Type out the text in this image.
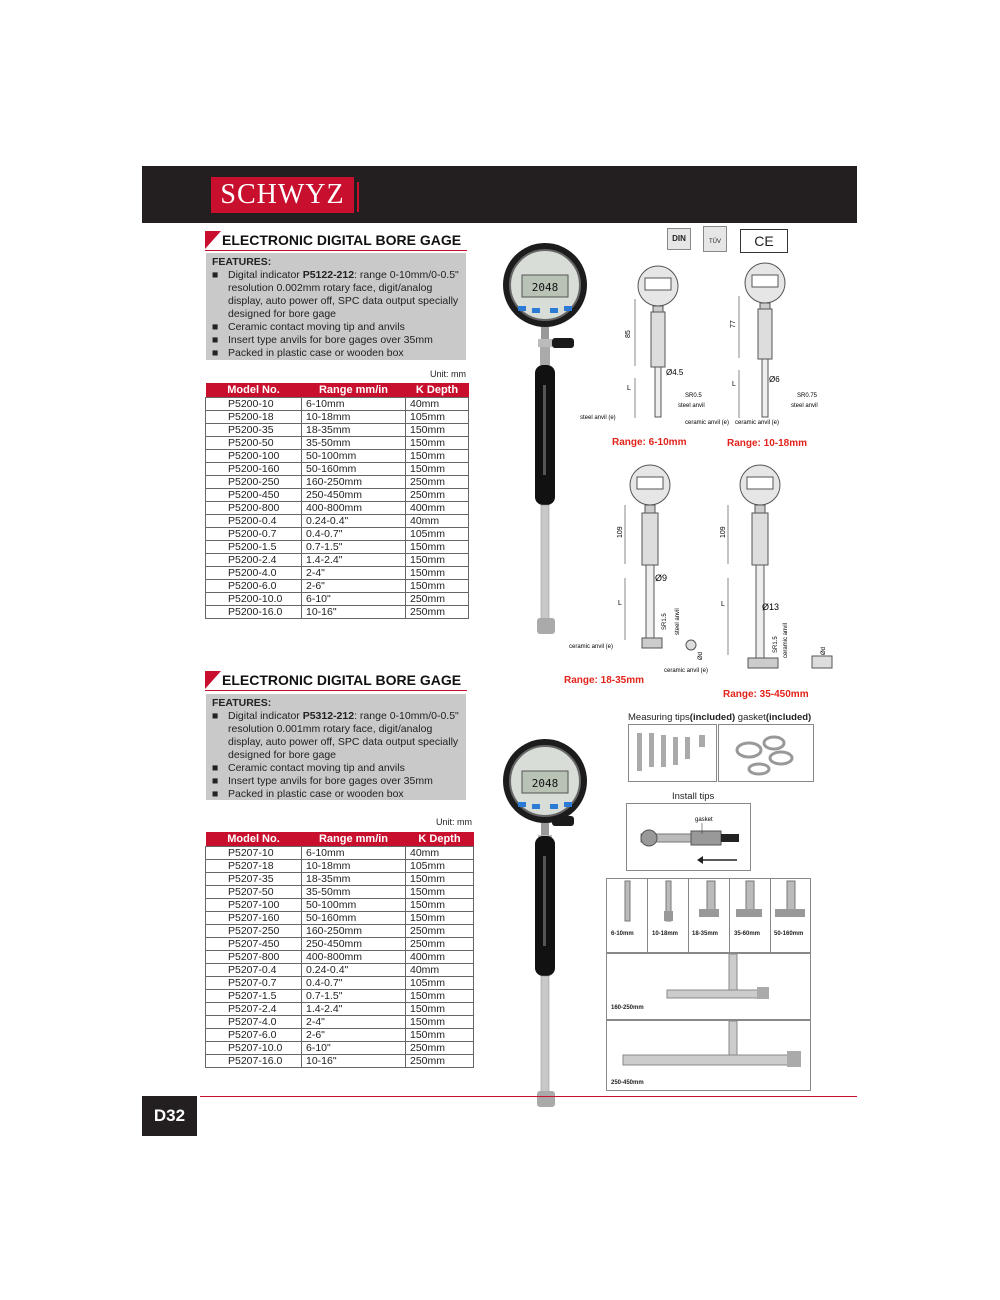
SCHWYZ
DIN	TÜV	CE
ELECTRONIC DIGITAL BORE GAGE
FEATURES:
■ Digital indicator P5122-212: range 0-10mm/0-0.5" resolution 0.002mm rotary face, digit/analog display, auto power off, SPC data output specially designed for bore gage
■ Ceramic contact moving tip and anvils
■ Insert type anvils for bore gages over 35mm
■ Packed in plastic case or wooden box
Unit: mm
Model No.	Range mm/in	K Depth
P5200-10	6-10mm	40mm
P5200-18	10-18mm	105mm
P5200-35	18-35mm	150mm
P5200-50	35-50mm	150mm
P5200-100	50-100mm	150mm
P5200-160	50-160mm	150mm
P5200-250	160-250mm	250mm
P5200-450	250-450mm	250mm
P5200-800	400-800mm	400mm
P5200-0.4	0.24-0.4"	40mm
P5200-0.7	0.4-0.7"	105mm
P5200-1.5	0.7-1.5"	150mm
P5200-2.4	1.4-2.4"	150mm
P5200-4.0	2-4"	150mm
P5200-6.0	2-6"	150mm
P5200-10.0	6-10"	250mm
P5200-16.0	10-16"	250mm
ELECTRONIC DIGITAL BORE GAGE
FEATURES:
■ Digital indicator P5312-212: range 0-10mm/0-0.5" resolution 0.001mm rotary face, digit/analog display, auto power off, SPC data output specially designed for bore gage
■ Ceramic contact moving tip and anvils
■ Insert type anvils for bore gages over 35mm
■ Packed in plastic case or wooden box
Unit: mm
Model No.	Range mm/in	K Depth
P5207-10	6-10mm	40mm
P5207-18	10-18mm	105mm
P5207-35	18-35mm	150mm
P5207-50	35-50mm	150mm
P5207-100	50-100mm	150mm
P5207-160	50-160mm	150mm
P5207-250	160-250mm	250mm
P5207-450	250-450mm	250mm
P5207-800	400-800mm	400mm
P5207-0.4	0.24-0.4"	40mm
P5207-0.7	0.4-0.7"	105mm
P5207-1.5	0.7-1.5"	150mm
P5207-2.4	1.4-2.4"	150mm
P5207-4.0	2-4"	150mm
P5207-6.0	2-6"	150mm
P5207-10.0	6-10"	250mm
P5207-16.0	10-16"	250mm
2048
2048
85
L
Ø4.5
SR0.5
steel anvil
steel anvil (e)
ceramic anvil (e)
Range: 6-10mm
77
L
Ø6
SR0.75
steel anvil
ceramic anvil (e)
Range: 10-18mm
109
L
Ø9
SR1.5 steel anvil
ceramic anvil (e)
Ød
Range: 18-35mm
109
L	Ø13
SR1.5 ceramic anvil
ceramic anvil (e)
Ød
Range: 35-450mm
Measuring tips(included) gasket(included)
Install tips
gasket
6-10mm	10-18mm 18-35mm	35-60mm 50-160mm
160-250mm
250-450mm
D32
